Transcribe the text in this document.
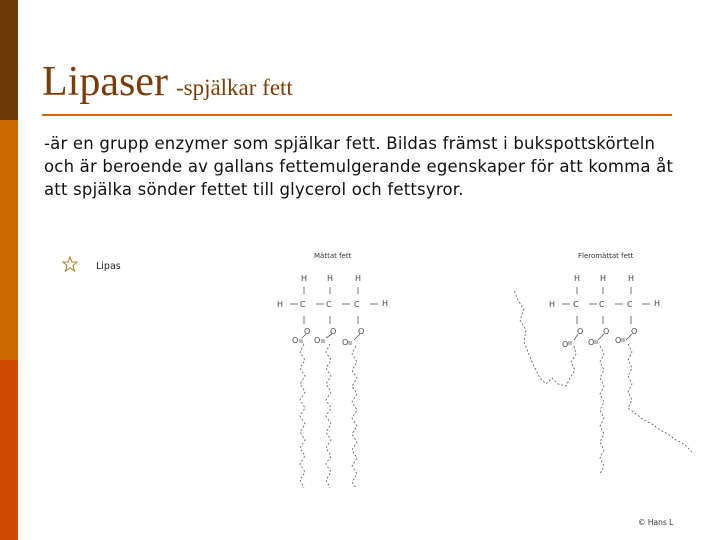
Lipaser -spjälkar fett
-är en grupp enzymer som spjälkar fett. Bildas främst i bukspottskörteln och är beroende av gallans fettemulgerande egenskaper för att komma åt att spjälka sönder fettet till glycerol och fettsyror.
Lipas
Mättat fett	Fleromättat fett
H H	H
H C	C	C	H
O O	O
O O	O
H H	H
H C	C	C	H
O O	O
O O	O
© Hans L
